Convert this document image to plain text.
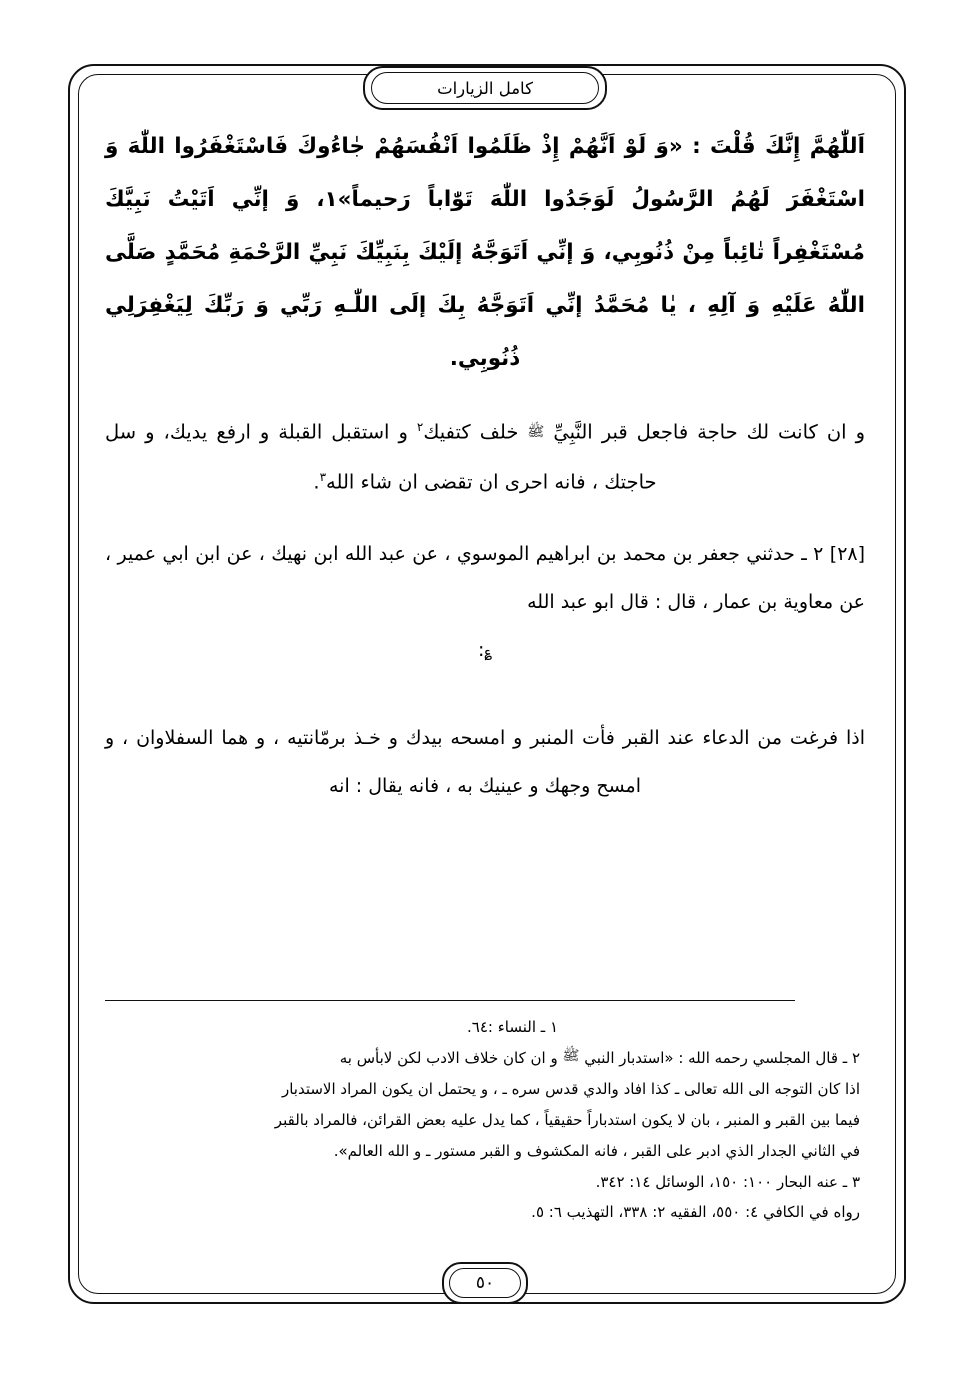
كامل الزيارات

اَللّٰهُمَّ إِنَّكَ قُلْتَ : «وَ لَوْ اَنَّهُمْ إِذْ ظَلَمُوا اَنْفُسَهُمْ جٰاءُوكَ فَاسْتَغْفَرُوا اللّٰهَ وَ اسْتَغْفَرَ لَهُمُ الرَّسُولُ لَوَجَدُوا اللّٰهَ تَوّٰاباً رَحيماً»١، وَ إنِّي اَتَيْتُ نَبِيَّكَ مُسْتَغْفِراً تٰائِباً مِنْ ذُنُوبِي، وَ إنِّي اَتَوَجَّهُ إلَيْكَ بِنَبِيِّكَ نَبِيِّ الرَّحْمَةِ مُحَمَّدٍ صَلَّى اللّٰهُ عَلَيْهِ وَ آلِهِ ، يٰا مُحَمَّدُ إنِّي اَتَوَجَّهُ بِكَ إلَى اللّٰـهِ رَبِّي وَ رَبِّكَ لِيَغْفِرَلِي ذُنُوبِي.

و ان كانت لك حاجة فاجعل قبر النَّبِيِّ ﷺ خلف كتفيك$^٢$ و استقبل القبلة و ارفع يديك، و سل حاجتك ، فانه احرى ان تقضى ان شاء الله$^٣$.

[٢٨] ٢ ـ حدثني جعفر بن محمد بن ابراهيم الموسوي ، عن عبد الله ابن نهيك ، عن ابن ابي عمير ، عن معاوية بن عمار ، قال : قال ابو عبد الله

؏:

اذا فرغت من الدعاء عند القبر فأت المنبر و امسحه بيدك و خـذ برمّانتيه ، و هما السفلاوان ، و امسح وجهك و عينيك به ، فانه يقال : انه

١ ـ النساء :٦٤.

٢ ـ قال المجلسي رحمه الله : «استدبار النبي ﷺ و ان كان خلاف الادب لكن لابأس به

اذا كان التوجه الى الله تعالى ـ كذا افاد والدي قدس سره ـ ، و يحتمل ان يكون المراد الاستدبار

فيما بين القبر و المنبر ، بان لا يكون استدباراً حقيقياً ، كما يدل عليه بعض القرائن، فالمراد بالقبر

في الثاني الجدار الذي ادبر على القبر ، فانه المكشوف و القبر مستور ـ و الله العالم».

٣ ـ عنه البحار ١٠٠: ١٥٠، الوسائل ١٤: ٣٤٢.

رواه في الكافي ٤: ٥٥٠، الفقيه ٢: ٣٣٨، التهذيب ٦: ٥.

٥٠
